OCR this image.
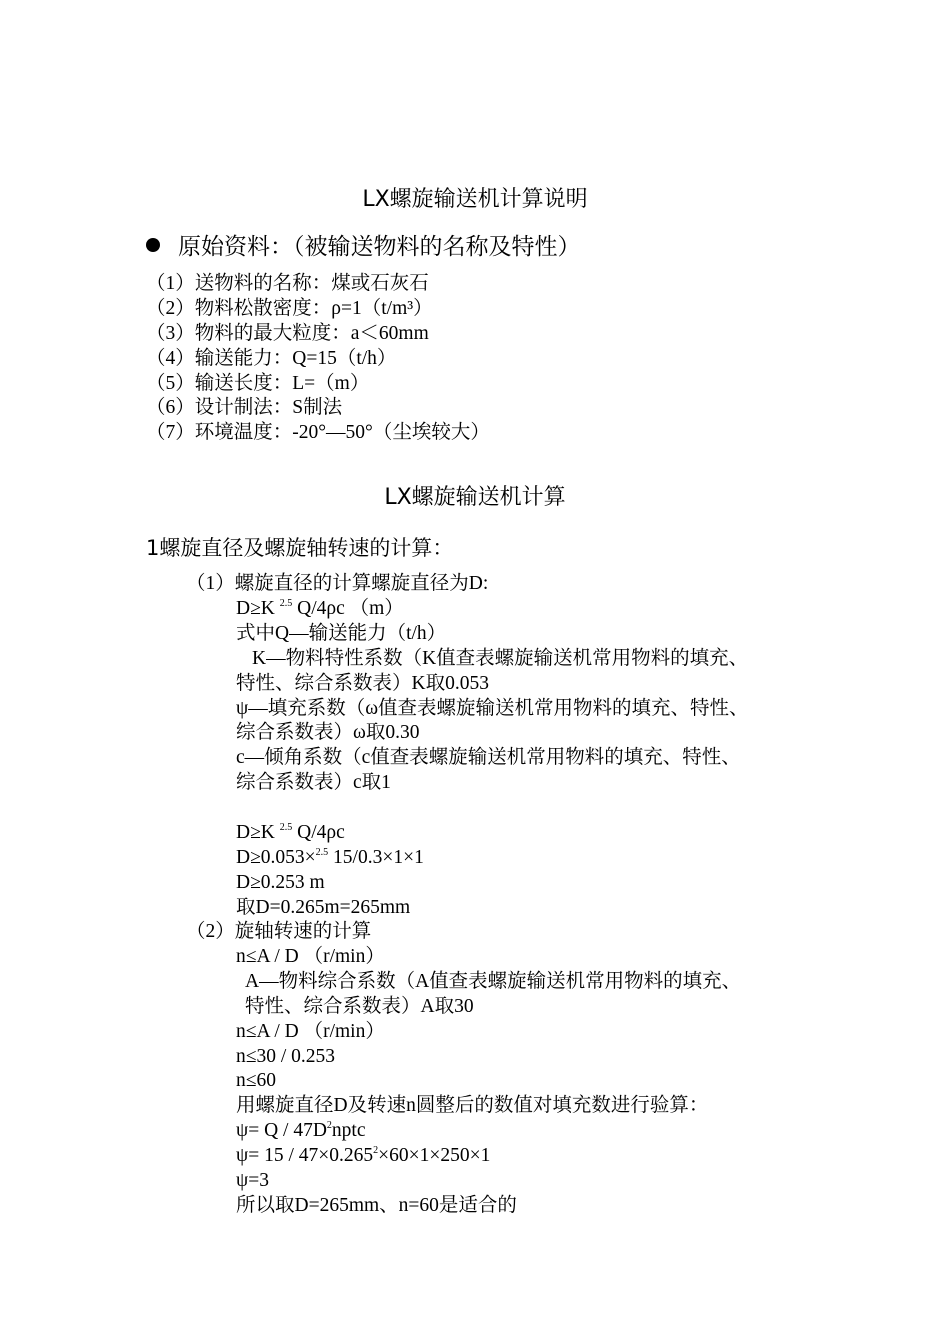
LX螺旋输送机计算说明
原始资料：（被输送物料的名称及特性）
（1）送物料的名称：煤或石灰石
（2）物料松散密度：ρ=1（t/m³）
（3）物料的最大粒度：a＜60mm
（4）输送能力：Q=15（t/h）
（5）输送长度：L=（m）
（6）设计制法：S制法
（7）环境温度：-20°—50°（尘埃较大）
LX螺旋输送机计算
1螺旋直径及螺旋轴转速的计算：
（1）螺旋直径的计算螺旋直径为D:
D≥K $^{2.5}$ Q/4ρc （m）
式中Q—输送能力（t/h）
K—物料特性系数（K值查表螺旋输送机常用物料的填充、
特性、综合系数表）K取0.053
ψ—填充系数（ω值查表螺旋输送机常用物料的填充、特性、
综合系数表）ω取0.30
c—倾角系数（c值查表螺旋输送机常用物料的填充、特性、
综合系数表）c取1
D≥K $^{2.5}$ Q/4ρc
D≥0.053×$^{2.5}$ 15/0.3×1×1
D≥0.253 m
取D=0.265m=265mm
（2）旋轴转速的计算
n≤A / D （r/min）
A—物料综合系数（A值查表螺旋输送机常用物料的填充、
特性、综合系数表）A取30
n≤A / D （r/min）
n≤30 / 0.253
n≤60
用螺旋直径D及转速n圆整后的数值对填充数进行验算：
$\psi= Q / 47D^2nptc$
$\psi= 15 / 47\times 0.265^2\times 60\times 1\times 250\times 1$
ψ=3
所以取D=265mm、n=60是适合的
